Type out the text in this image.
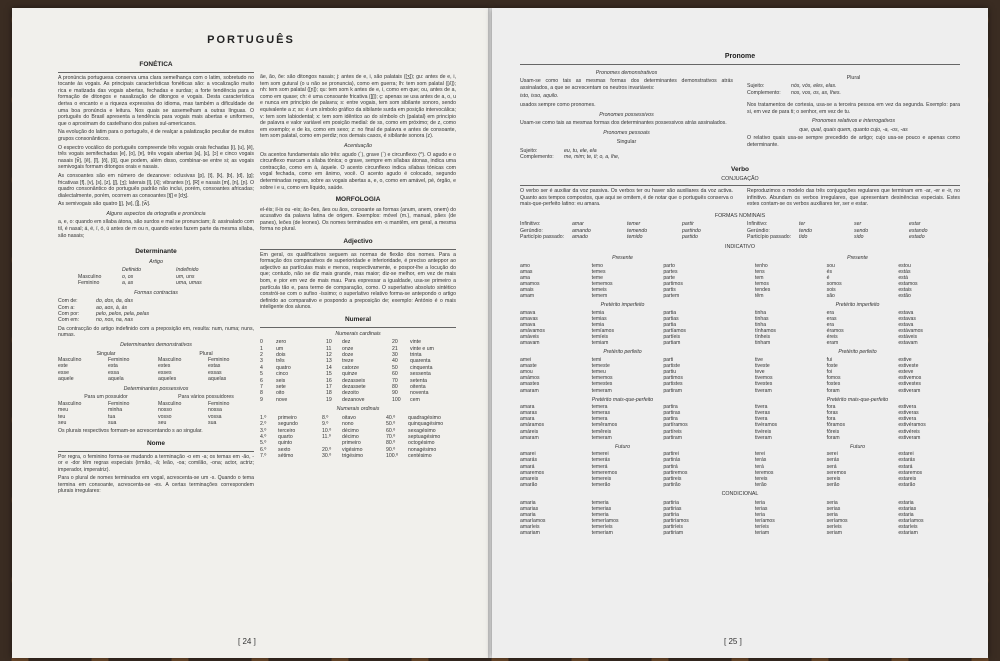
PORTUGUÊS
FONÉTICA

A pronúncia portuguesa conserva uma clara semelhança com o latim, sobretudo no tocante às vogais. As principais características fonéticas são: a vocalização muito rica e matizada das vogais abertas, fechadas e surdas; a forte tendência para a formação de ditongos e nasalização de ditongos e vogais. Desta característica deriva o encanto e a riqueza expressiva do idioma, mas também a dificuldade de uma boa pronúncia e leitura. Nos quais se assemelham a outras línguas. O português do Brasil apresenta a tendência para vogais mais abertas e uniformes, que o aproximam do castelhano dos países sul-americanos.

Na evolução do latim para o português, é de realçar a palatização peculiar de muitos grupos consonânticos.

O espectro vocálico do português compreende três vogais orais fechadas [i], [u], [ê], três vogais semifechadas [e], [o], [ɐ], três vogais abertas [a], [ɛ], [ɔ] e cinco vogais nasais [ɐ̃], [ẽ], [ĩ], [õ], [ũ], que podem, além disso, combinar-se entre si; as vogais semivogais formam ditongos orais e nasais.

As consoantes são em número de dezanove: oclusivas [p], [t], [k], [b], [d], [g]; fricativas [f], [v], [s], [z], [ʃ], [ʒ]; laterais [l], [ʎ]; vibrantes [r], [R] e nasais [m], [n], [ɲ]. O quadro consonântico do português padrão não inclui, porém, consoantes africadas; dialectalmente, porém, ocorrem as consoantes [tʃ] e [dʒ].

As semivogais são quatro [j], [w], [j̃], [w̃].

Alguns aspectos da ortografia e pronúncia

a, e, o: quando em sílaba átona, são surdos e mal se pronunciam; ã: assinalado com til, é nasal; á, é, í, ó, ú antes de m ou n, quando estes fazem parte da mesma sílaba, são nasais;

Determinante
Artigo
Definido	Indefinido
Masculino	o, os	um, uns
Feminino	a, as	uma, umas
Formas contractas
Com de:	do, dos, da, das
Com a:	ao, aos, à, às
Com por:	pelo, pelos, pela, pelas
Com em:	no, nos, na, nas

Da contracção do artigo indefinido com a preposição em, resulta: num, numa; nuns, numas.

Determinantes demonstrativos
Singular	Plural
Masculino	Feminino	Masculino	Feminino
este	esta	estes	estas
esse	essa	esses	essas
aquele	aquela	aqueles	aquelas
Determinantes possessivos
Para um possuidor	Para vários possuidores
Masculino	Feminino	Masculino	Feminino
meu	minha	nosso	nossa
teu	tua	vosso	vossa
seu	sua	seu	sua

Os plurais respectivos formam-se acrescentando s ao singular.

Nome

Por regra, o feminino forma-se mudando a terminação -o em -a; os temas em -ão, -or e -dor têm regras especiais (irmão, -ã; leão, -oa; comilão, -ona; actor, actriz; imperador, imperatriz).

Para o plural de nomes terminados em vogal, acrescenta-se um -s. Quando o tema termina em consoante, acrescenta-se -es. A certas terminações correspondem plurais irregulares:

ãe, ão, õe: são ditongos nasais; j: antes de e, i, são palatais ([ʒ]); gu: antes de e, i, tem som gutural (o u não se pronuncia), como em guerra; lh: tem som palatal ([ʎ]); nh: tem som palatal ([ɲ]); qu: tem som k antes de e, i, como em que; ou, antes de a, como em quase; ch: é uma consoante fricativa ([ʃ]); ç: apenas se usa antes de a, o, u e nunca em princípio de palavra; s: entre vogais, tem som sibilante sonoro, sendo equivalente a z; ss: é um símbolo gráfico da sibilante surda em posição intervocálica; v: tem som labiodental; x: tem som idêntico ao do símbolo ch (palatal) em princípio de palavra e valor variável em posição medial: de ss, como em próximo; de z, como em exemplo; e de ks, como em sexo; z: no final de palavra e antes de consoante, tem som palatal, como em perdiz; nos demais casos, é sibilante sonora (z).

Acentuação

Os acentos fundamentais são três: agudo (´), grave (`) e circunflexo (^). O agudo e o circunflexo marcam a sílaba tónica; o grave, sempre em sílabas átonas, indica uma contracção, como em à, àquele. O acento circunflexo indica sílabas tónicas com vogal fechada, como em ânimo, você. O acento agudo é colocado, segundo determinadas regras, sobre as vogais abertas a, e, o, como em amável, pé, órgão, e sobre i e u, como em líquido, saúde.

MORFOLOGIA

el-éis; il-is ou -eis; ão-ões, ães ou ãos, consoante as formas (anum, anem, onem) do acusativo da palavra latina de origem. Exemplos: móvel (m.), manual, pães (de panes), leões (de leones). Os nomes terminados em -s mantêm, em geral, a mesma forma no plural.

Adjectivo

Em geral, os qualificativos seguem as normas de flexão dos nomes. Para a formação dos comparativos de superioridade e inferioridade, é preciso anteppor ao adjectivo as partículas mais e menos, respectivamente, e pospor-lhe a locução do que; contudo, não se diz mais grande, mas maior; diz-se melhor, em vez de mais bom, e pior em vez de mais mau. Para expressar a igualdade, usa-se primeiro a partícula tão e, para termo de comparação, como. O superlativo absoluto sintético constrói-se com o sufixo -íssimo; o superlativo relativo forma-se antepondo o artigo definido ao comparativo e pospondo a preposição de; exemplo: António é o mais inteligente dos alunos.

Numeral
Numerais cardinais
0	zero	10	dez	20	vinte
1	um	11	onze	21	vinte e um
2	dois	12	doze	30	trinta
3	três	13	treze	40	quarenta
4	quatro	14	catorze	50	cinquenta
5	cinco	15	quinze	60	sessenta
6	seis	16	dezasseis	70	setenta
7	sete	17	dezassete	80	oitenta
8	oito	18	dezoito	90	noventa
9	nove	19	dezanove	100	cem
Numerais ordinais
1.º	primeiro	8.º	oitavo	40.º	quadragésimo
2.º	segundo	9.º	nono	50.º	quinquagésimo
3.º	terceiro	10.º	décimo	60.º	sexagésimo
4.º	quarto	11.º	décimo	70.º	septuagésimo
5.º	quinto	primeiro	80.º	octogésimo
6.º	sexto	20.º	vigésimo	90.º	nonagésimo
7.º	sétimo	30.º	trigésimo	100.º	centésimo
[ 24 ]
Pronome
Pronomes demonstrativos

Usam-se como tais as mesmas formas dos determinantes demonstrativos atrás assinalados, a que se acrescentam os neutros invariáveis:

isto, isso, aquilo.

usados sempre como pronomes.

Pronomes possessivos

Usam-se como tais as mesmas formas dos determinantes possessivos atrás assinalados.

Pronomes pessoais
Singular
Sujeito:	eu, tu, ele, ela
Complemento:	me, mim; te, ti; o, a, lhe,
Plural
Sujeito:	nós, vós, eles, elas.
Complemento:	nos, vos, os, as, lhes.

Nos tratamentos de cortesia, usa-se a terceira pessoa em vez da segunda. Exemplo: para si, em vez de para ti; o senhor, em vez de tu.

Pronomes relativos e interrogativos

que, qual, quais quem, quanto cujo, -a, -os, -as

O relativo quais usa-se sempre precedido de artigo; cujo usa-se pouco e apenas como determinante.

Verbo
CONJUGAÇÃO

O verbo ser é auxiliar da voz passiva. Os verbos ter ou haver são auxiliares da voz activa. Quanto aos tempos compostos, que aqui se omitem, é de notar que o português conserva o mais-que-perfeito latino: eu amara.

Reproduzimos o modelo das três conjugações regulares que terminam em -ar, -er e -ir, no infinitivo. Abundam os verbos irregulares, que apresentam desinências especiais. Estes estes contam-se os verbos auxiliares ter, ser e estar.

FORMAS NOMINAIS
Infinitivo:	amar	temer	partir
Gerúndio:	amando	temendo	partindo
Particípio passado:	amado	temido	partido
Infinitivo:	ter	ser	estar
Gerúndio:	tendo	sendo	estando
Particípio passado:	tido	sido	estado
INDICATIVO
Presente
amo	temo	parto
amas	temes	partes
ama	teme	parte
amamos	tememos	partimos
amais	temeis	partis
amam	temem	partem
Pretérito imperfeito
amava	temia	partia
amavas	temias	partias
amava	temia	partia
amávamos	temíamos	partíamos
amáveis	temíeis	partíeis
amavam	temiam	partiam
Pretérito perfeito
amei	temi	parti
amaste	temeste	partiste
amou	temeu	partiu
amámos	tememos	partimos
amastes	temestes	partistes
amaram	temeram	partiram
Pretérito mais-que-perfeito
amara	temera	partira
amaras	temeras	partiras
amara	temera	partira
amáramos	temêramos	partíramos
amáreis	temêreis	partíreis
amaram	temeram	partiram
Futuro
amarei	temerei	partirei
amarás	temerás	partirás
amará	temerá	partirá
amaremos	temeremos	partiremos
amareis	temereis	partireis
amarão	temerão	partirão
Presente
tenho	sou	estou
tens	és	estás
tem	é	está
temos	somos	estamos
tendes	sois	estais
têm	são	estão
Pretérito imperfeito
tinha	era	estava
tinhas	eras	estavas
tinha	era	estava
tínhamos	éramos	estávamos
tínheis	éreis	estáveis
tinham	eram	estavam
Pretérito perfeito
tive	fui	estive
tiveste	foste	estiveste
teve	foi	esteve
tivemos	fomos	estivemos
tivestes	fostes	estivestes
tiveram	foram	estiveram
Pretérito mais-que-perfeito
tivera	fora	estivera
tiveras	foras	estiveras
tivera	fora	estivera
tivéramos	fôramos	estivéramos
tivéreis	fôreis	estivéreis
tiveram	foram	estiveram
Futuro
terei	serei	estarei
terás	serás	estarás
terá	será	estará
teremos	seremos	estaremos
tereis	sereis	estareis
terão	serão	estarão
CONDICIONAL
amaria	temeria	partiria
amarias	temerias	partirias
amaria	temeria	partiria
amaríamos	temeríamos	partiríamos
amaríeis	temeríeis	partiríeis
amariam	temeriam	partiriam
teria	seria	estaria
terias	serias	estarias
teria	seria	estaria
teríamos	seríamos	estaríamos
teríeis	seríeis	estaríeis
teriam	seriam	estariam
[ 25 ]
